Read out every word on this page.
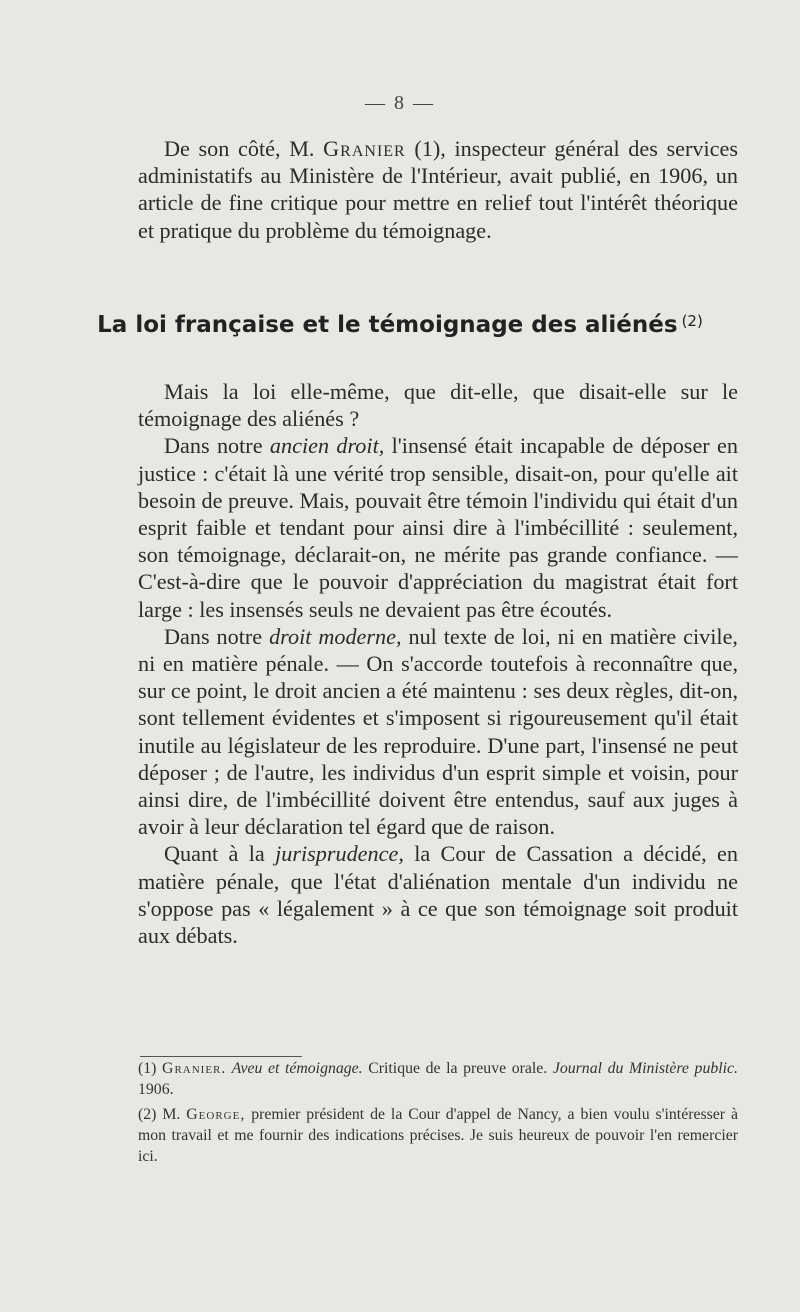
— 8 —

De son côté, M. Granier (1), inspecteur général des services administatifs au Ministère de l'Intérieur, avait publié, en 1906, un article de fine critique pour mettre en relief tout l'intérêt théorique et pratique du problème du témoignage.

La loi française et le témoignage des aliénés $^{(2)}$

Mais la loi elle-même, que dit-elle, que disait-elle sur le témoignage des aliénés ?

Dans notre ancien droit, l'insensé était incapable de déposer en justice : c'était là une vérité trop sensible, disait-on, pour qu'elle ait besoin de preuve. Mais, pouvait être témoin l'individu qui était d'un esprit faible et tendant pour ainsi dire à l'imbécillité : seulement, son témoignage, déclarait-on, ne mérite pas grande confiance. — C'est-à-dire que le pouvoir d'appréciation du magistrat était fort large : les insensés seuls ne devaient pas être écoutés.

Dans notre droit moderne, nul texte de loi, ni en matière civile, ni en matière pénale. — On s'accorde toutefois à reconnaître que, sur ce point, le droit ancien a été maintenu : ses deux règles, dit-on, sont tellement évidentes et s'imposent si rigoureusement qu'il était inutile au législateur de les reproduire. D'une part, l'insensé ne peut déposer ; de l'autre, les individus d'un esprit simple et voisin, pour ainsi dire, de l'imbécillité doivent être entendus, sauf aux juges à avoir à leur déclaration tel égard que de raison.

Quant à la jurisprudence, la Cour de Cassation a décidé, en matière pénale, que l'état d'aliénation mentale d'un individu ne s'oppose pas « légalement » à ce que son témoignage soit produit aux débats.

(1) Granier. Aveu et témoignage. Critique de la preuve orale. Journal du Ministère public. 1906.

(2) M. George, premier président de la Cour d'appel de Nancy, a bien voulu s'intéresser à mon travail et me fournir des indications précises. Je suis heureux de pouvoir l'en remercier ici.
